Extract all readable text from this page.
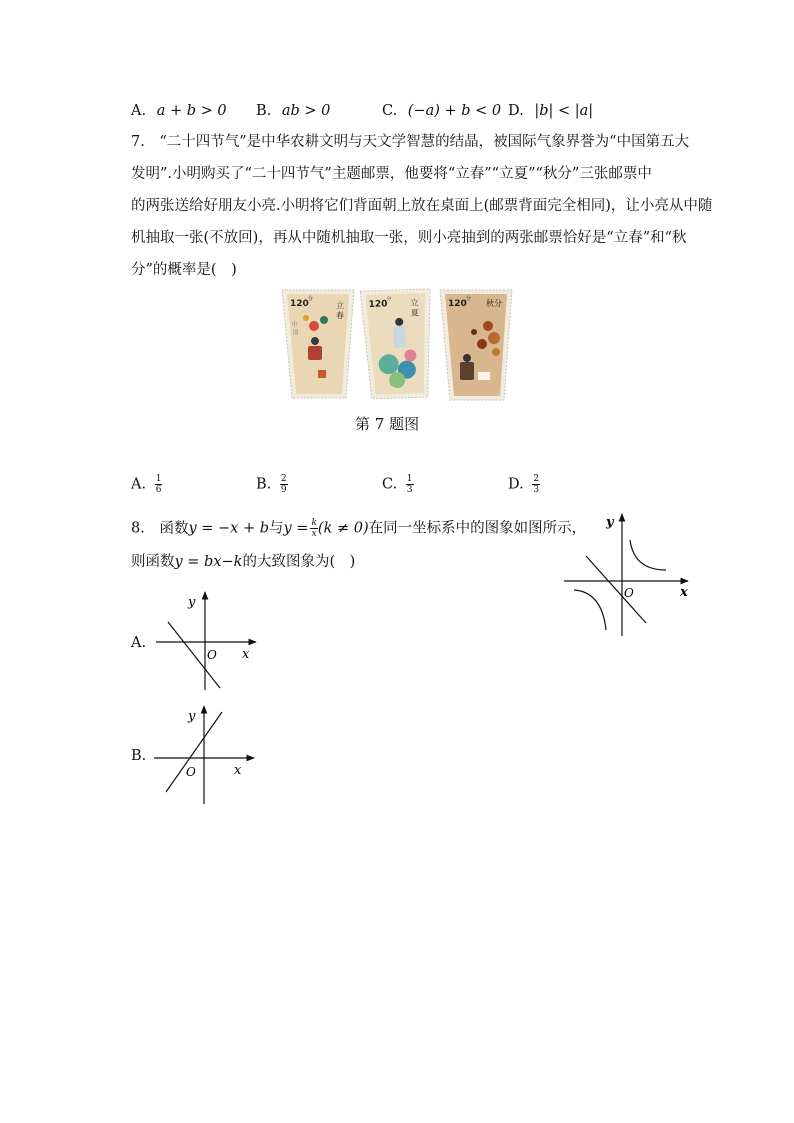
A. a + b > 0 B. ab > 0	C. (−a) + b < 0 D. |b| < |a|
7.　“二十四节气”是中华农耕文明与天文学智慧的结晶，被国际气象界誉为“中国第五大
发明”.小明购买了“二十四节气”主题邮票，他要将“立春”“立夏”“秋分”三张邮票中
的两张送给好朋友小亮.小明将它们背面朝上放在桌面上(邮票背面完全相同)，让小亮从中随
机抽取一张(不放回)，再从中随机抽取一张，则小亮抽到的两张邮票恰好是“立春”和“秋
分”的概率是(　)
120 分
立
春
中
国
120
分 立
夏
120 分 秋 分
第 7 题图
A. $\frac{1}{6}$	B. $\frac{2}{9}$	C. $\frac{1}{3}$	D. $\frac{2}{3}$
8. 函数y = −x + b与$y = \frac{k}{x} (k \ne 0)$在同一坐标系中的图象如图所示，
则函数y = bx−k的大致图象为(　)
y
x
O
A.
y
x
O
B.
y
x
O
